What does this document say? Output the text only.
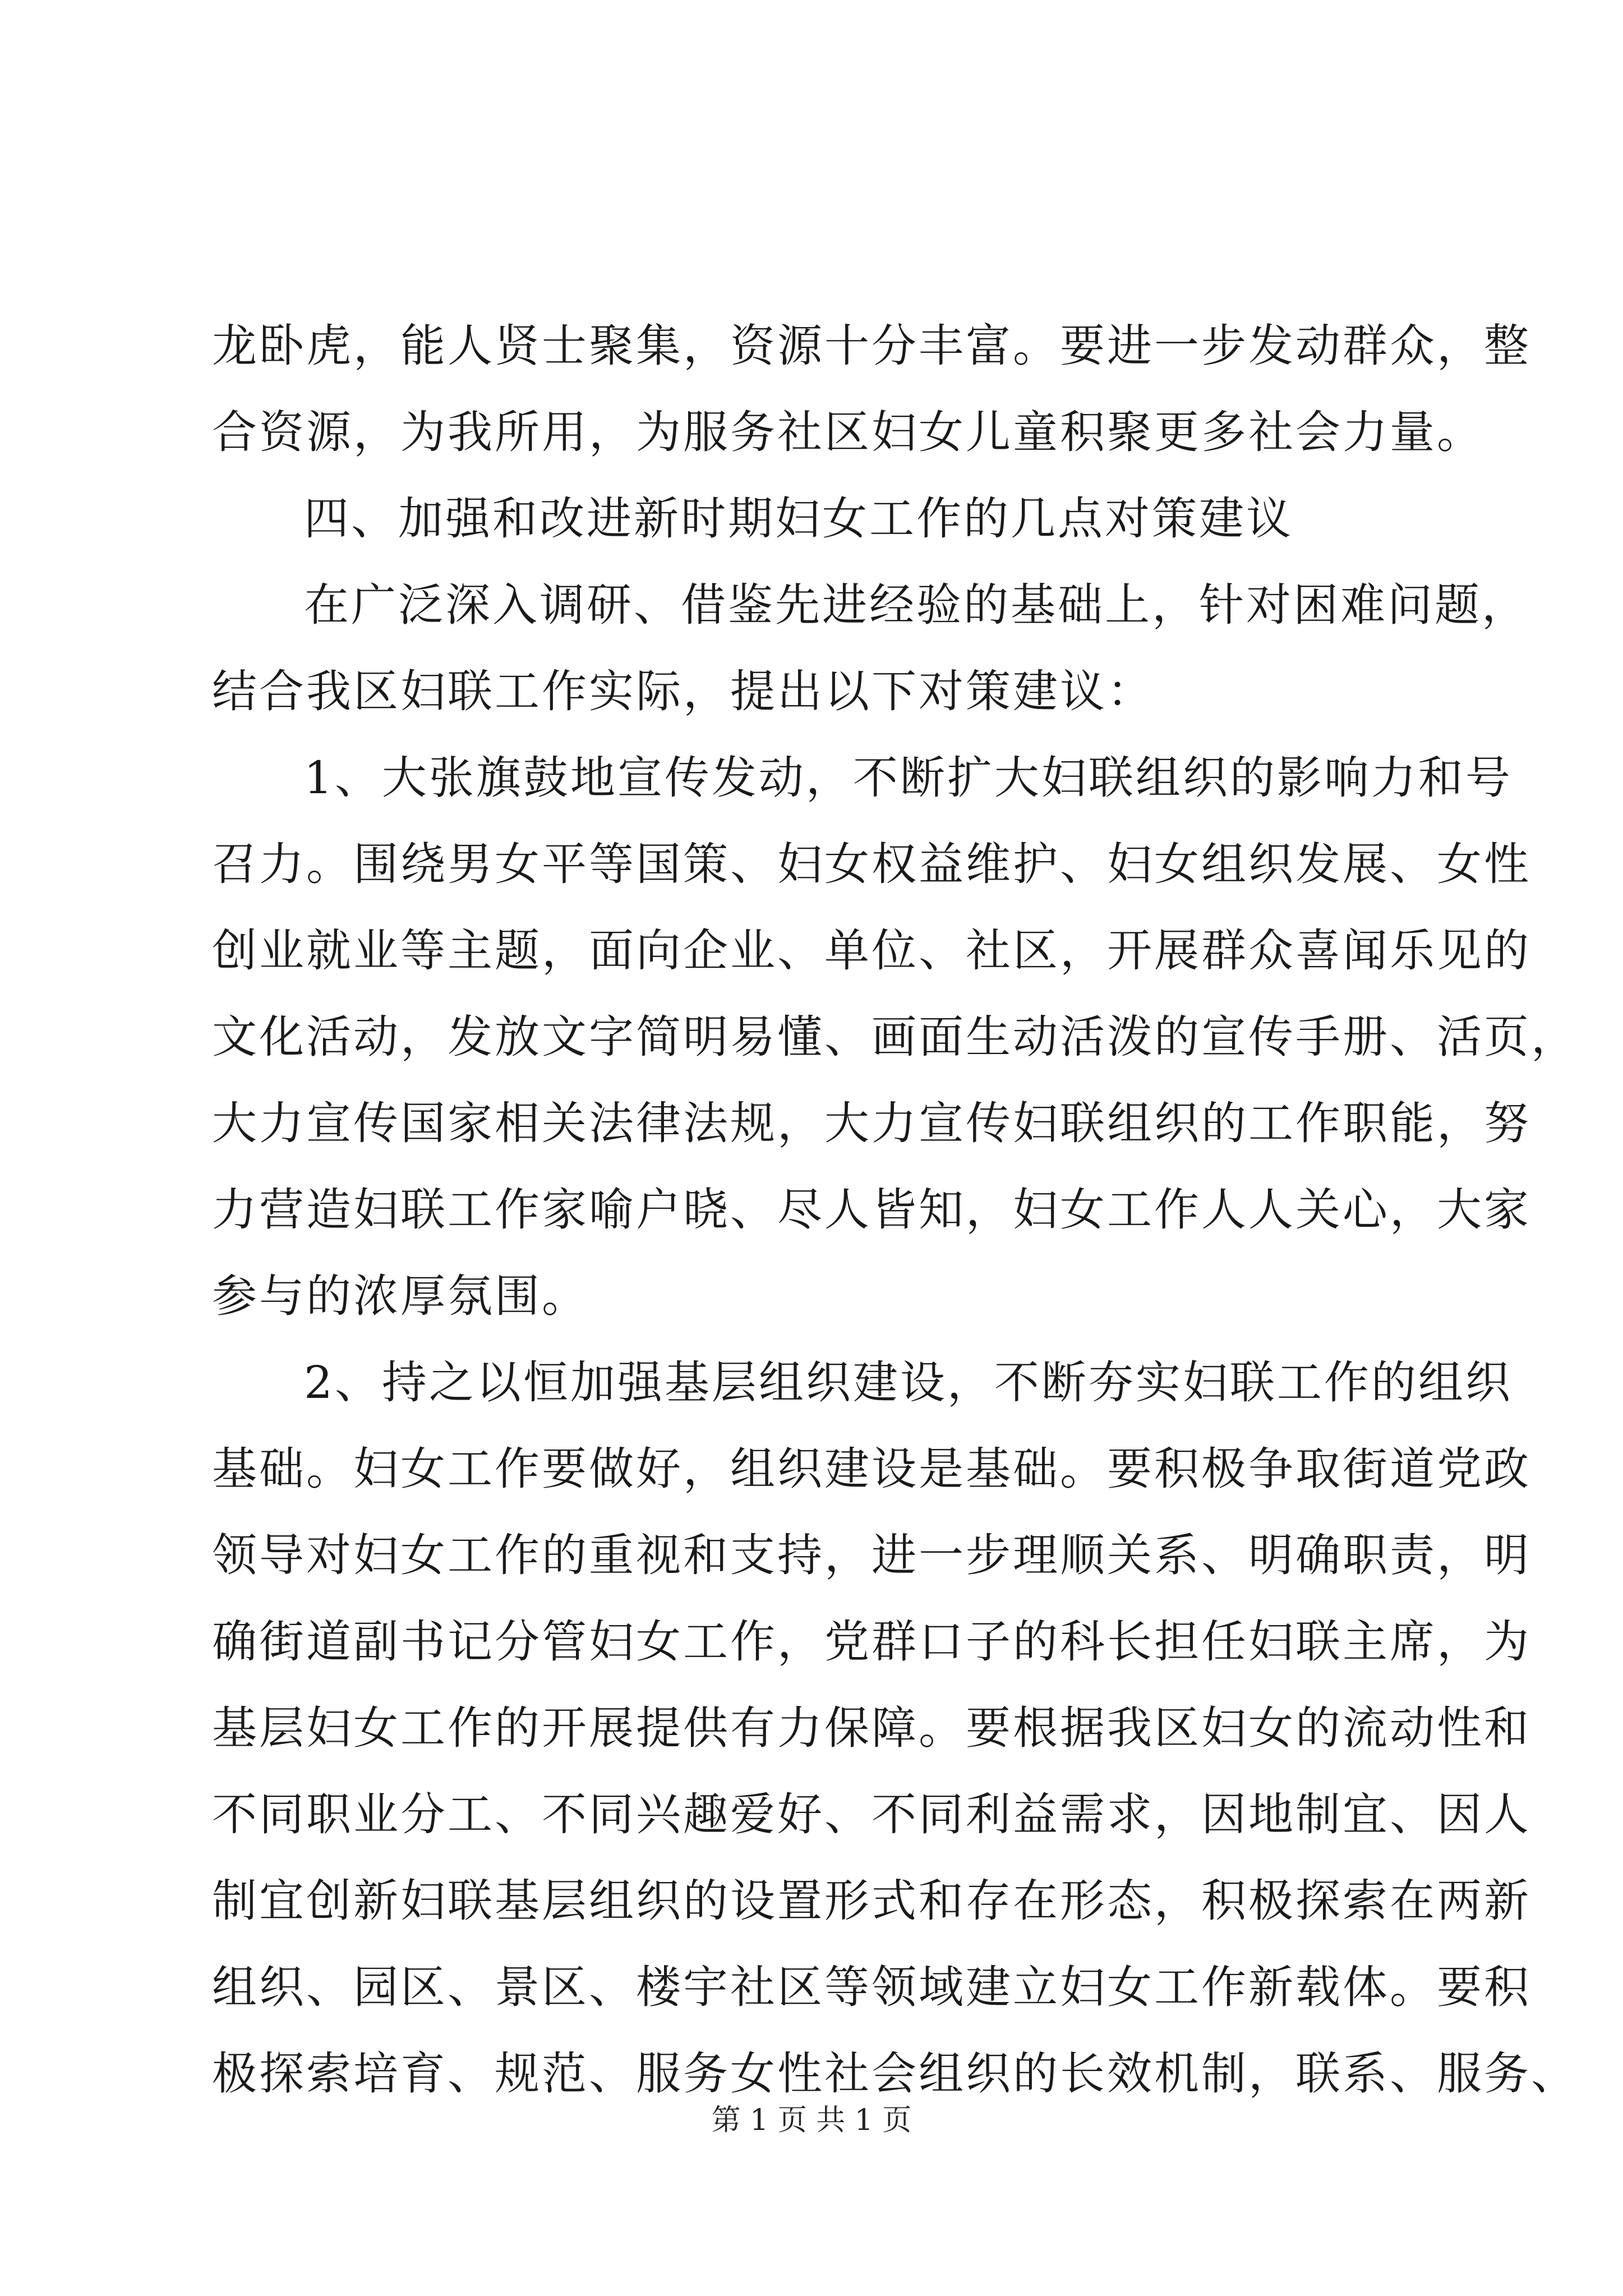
龙卧虎，能人贤士聚集，资源十分丰富。要进一步发动群众，整
合资源，为我所用，为服务社区妇女儿童积聚更多社会力量。
四、加强和改进新时期妇女工作的几点对策建议
在广泛深入调研、借鉴先进经验的基础上，针对困难问题，
结合我区妇联工作实际，提出以下对策建议：
1、大张旗鼓地宣传发动，不断扩大妇联组织的影响力和号
召力。围绕男女平等国策、妇女权益维护、妇女组织发展、女性
创业就业等主题，面向企业、单位、社区，开展群众喜闻乐见的
文化活动，发放文字简明易懂、画面生动活泼的宣传手册、活页，
大力宣传国家相关法律法规，大力宣传妇联组织的工作职能，努
力营造妇联工作家喻户晓、尽人皆知，妇女工作人人关心，大家
参与的浓厚氛围。
2、持之以恒加强基层组织建设，不断夯实妇联工作的组织
基础。妇女工作要做好，组织建设是基础。要积极争取街道党政
领导对妇女工作的重视和支持，进一步理顺关系、明确职责，明
确街道副书记分管妇女工作，党群口子的科长担任妇联主席，为
基层妇女工作的开展提供有力保障。要根据我区妇女的流动性和
不同职业分工、不同兴趣爱好、不同利益需求，因地制宜、因人
制宜创新妇联基层组织的设置形式和存在形态，积极探索在两新
组织、园区、景区、楼宇社区等领域建立妇女工作新载体。要积
极探索培育、规范、服务女性社会组织的长效机制，联系、服务、
第 1 页 共 1 页
